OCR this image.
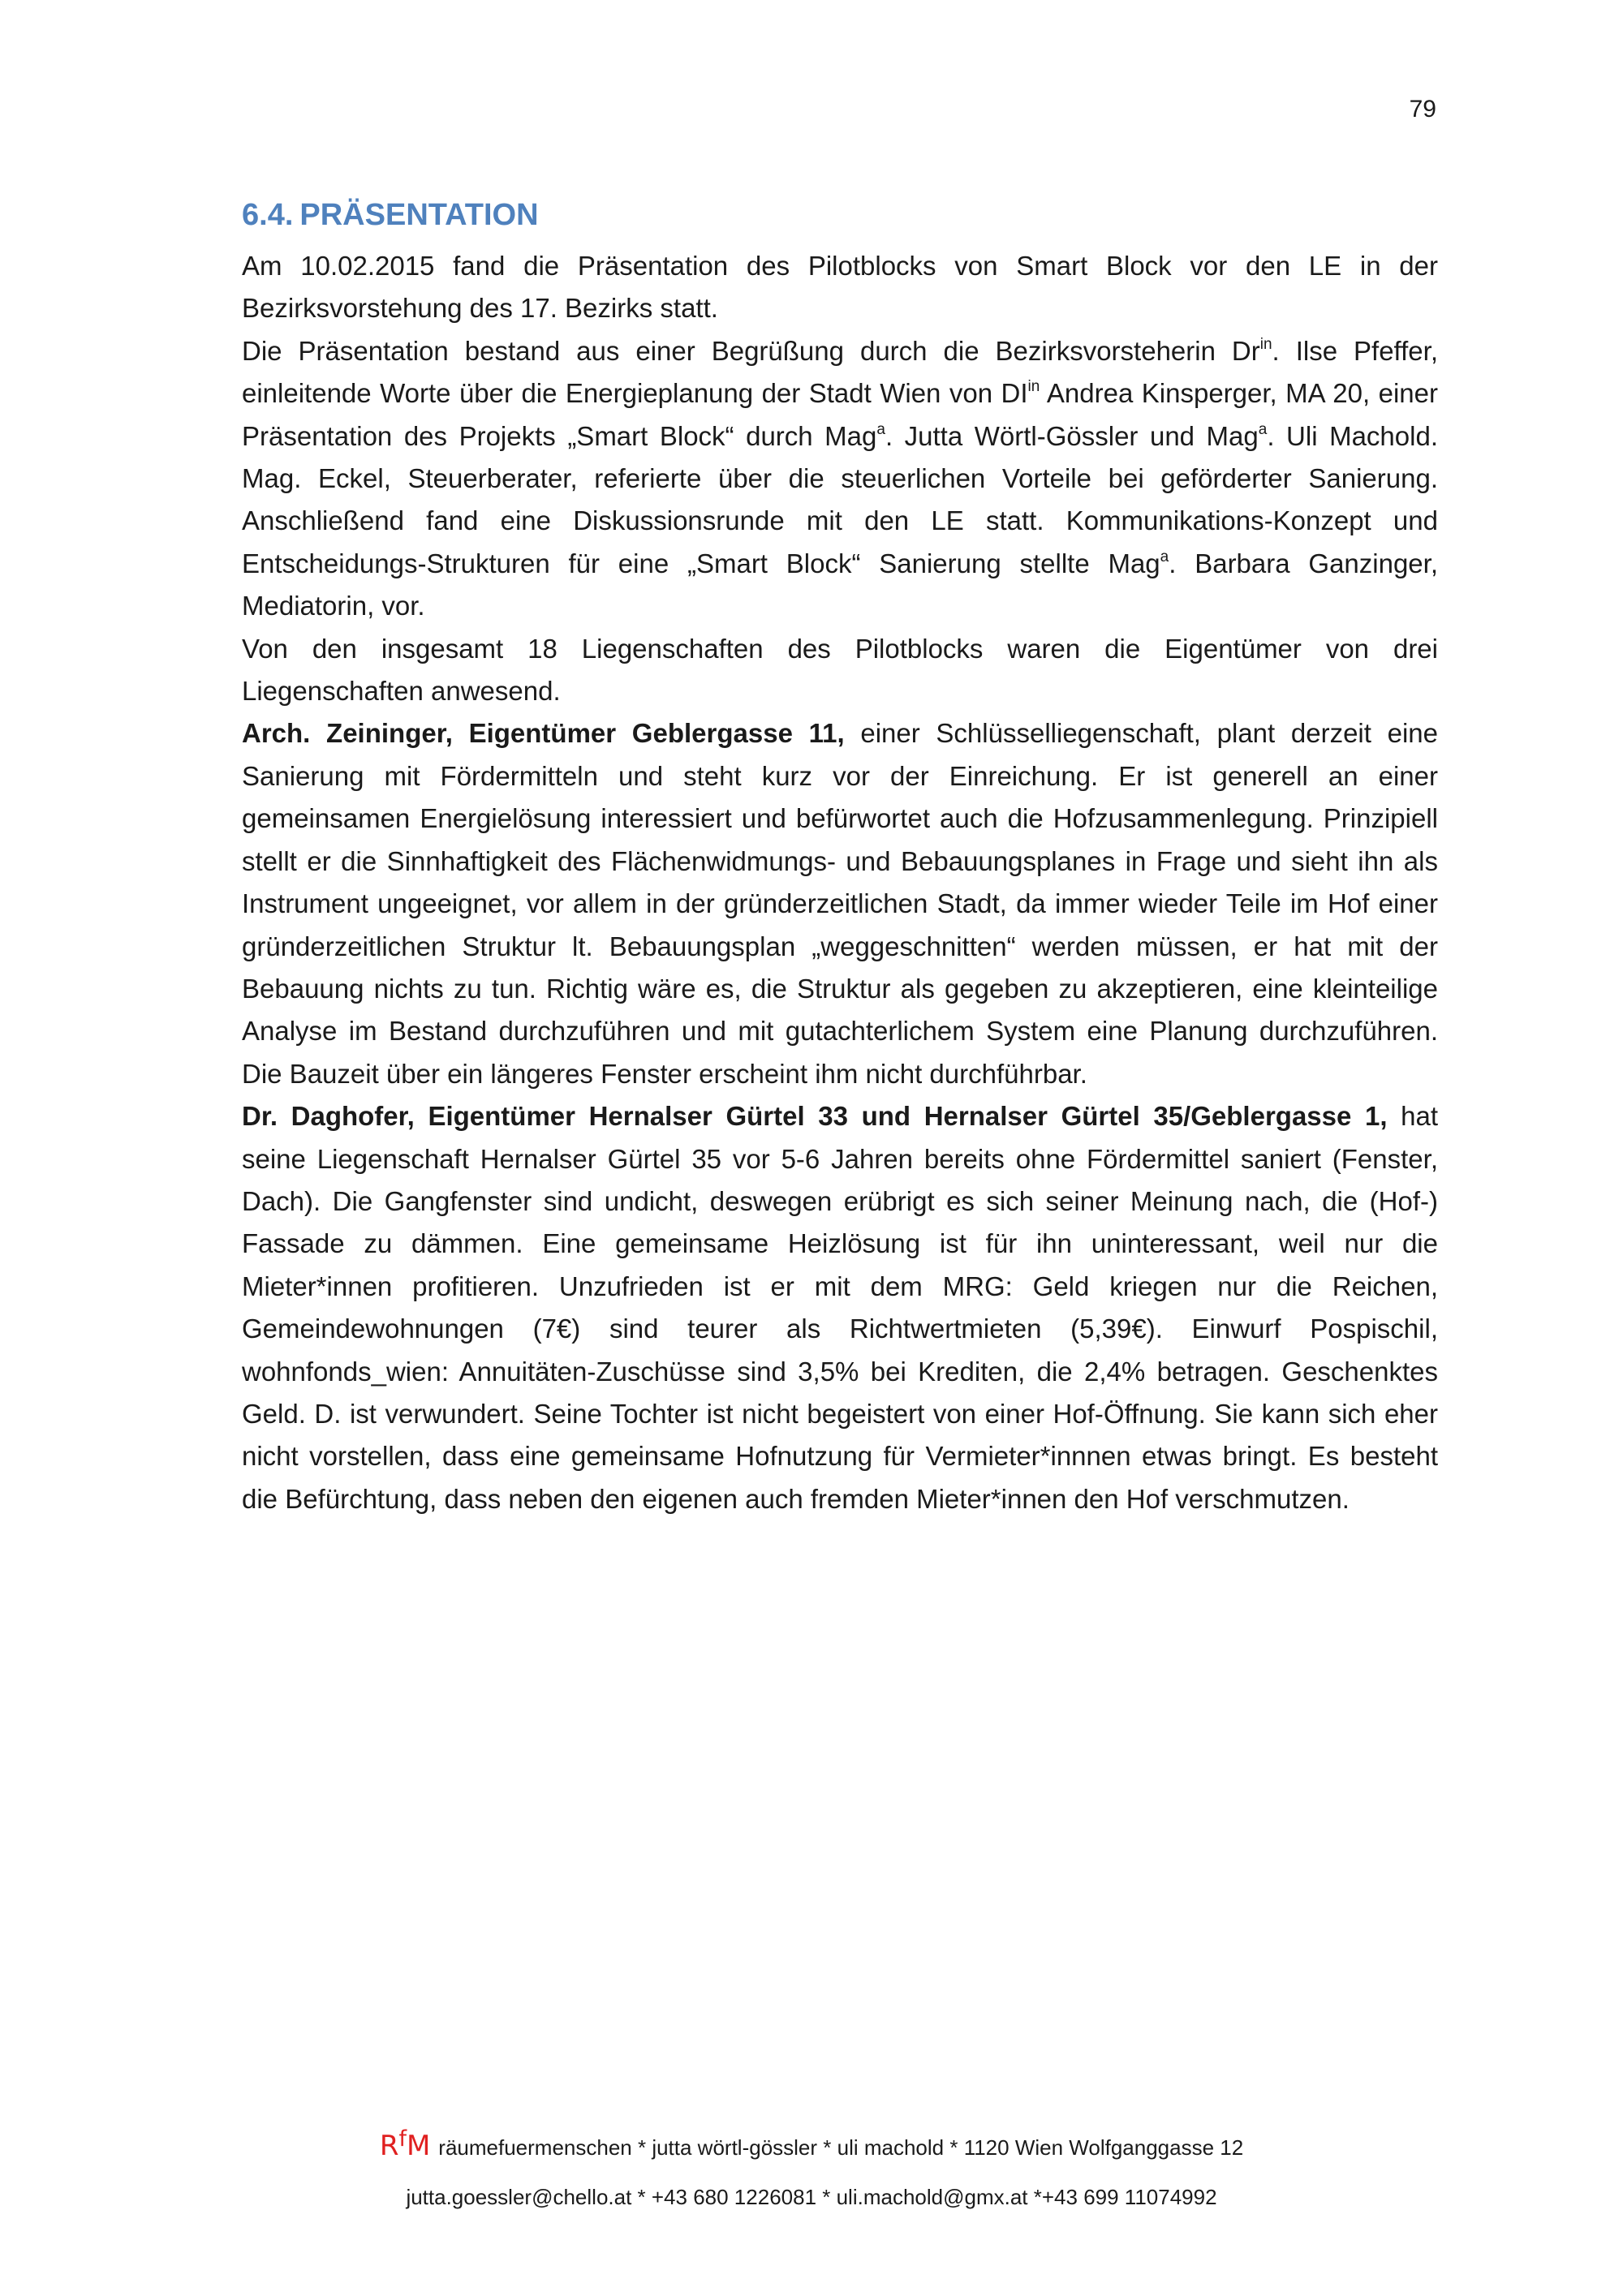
79
6.4. PRÄSENTATION

Am 10.02.2015 fand die Präsentation des Pilotblocks von Smart Block vor den LE in der Bezirksvorstehung des 17. Bezirks statt.

Die Präsentation bestand aus einer Begrüßung durch die Bezirksvorsteherin $Dr^{in}$. Ilse Pfeffer, einleitende Worte über die Energieplanung der Stadt Wien von $DI^{in}$ Andrea Kinsperger, MA 20, einer Präsentation des Projekts „Smart Block“ durch Mag$^a$. Jutta Wörtl-Gössler und Mag$^a$. Uli Machold. Mag. Eckel, Steuerberater, referierte über die steuerlichen Vorteile bei geförderter Sanierung. Anschließend fand eine Diskussionsrunde mit den LE statt. Kommunikations-Konzept und Entscheidungs-Strukturen für eine „Smart Block“ Sanierung stellte Mag$^a$. Barbara Ganzinger, Mediatorin, vor.

Von den insgesamt 18 Liegenschaften des Pilotblocks waren die Eigentümer von drei Liegenschaften anwesend.

Arch. Zeininger, Eigentümer Geblergasse 11, einer Schlüsselliegenschaft, plant derzeit eine Sanierung mit Fördermitteln und steht kurz vor der Einreichung. Er ist generell an einer gemeinsamen Energielösung interessiert und befürwortet auch die Hofzusammenlegung. Prinzipiell stellt er die Sinnhaftigkeit des Flächenwidmungs- und Bebauungsplanes in Frage und sieht ihn als Instrument ungeeignet, vor allem in der gründerzeitlichen Stadt, da immer wieder Teile im Hof einer gründerzeitlichen Struktur lt. Bebauungsplan „weggeschnitten“ werden müssen, er hat mit der Bebauung nichts zu tun. Richtig wäre es, die Struktur als gegeben zu akzeptieren, eine kleinteilige Analyse im Bestand durchzuführen und mit gutachterlichem System eine Planung durchzuführen. Die Bauzeit über ein längeres Fenster erscheint ihm nicht durchführbar.

Dr. Daghofer, Eigentümer Hernalser Gürtel 33 und Hernalser Gürtel 35/Geblergasse 1, hat seine Liegenschaft Hernalser Gürtel 35 vor 5-6 Jahren bereits ohne Fördermittel saniert (Fenster, Dach). Die Gangfenster sind undicht, deswegen erübrigt es sich seiner Meinung nach, die (Hof-) Fassade zu dämmen. Eine gemeinsame Heizlösung ist für ihn uninteressant, weil nur die Mieter*innen profitieren. Unzufrieden ist er mit dem MRG: Geld kriegen nur die Reichen, Gemeindewohnungen (7€) sind teurer als Richtwertmieten (5,39€). Einwurf Pospischil, wohnfonds_wien: Annuitäten-Zuschüsse sind 3,5% bei Krediten, die 2,4% betragen. Geschenktes Geld. D. ist verwundert. Seine Tochter ist nicht begeistert von einer Hof-Öffnung. Sie kann sich eher nicht vorstellen, dass eine gemeinsame Hofnutzung für Vermieter*innnen etwas bringt. Es besteht die Befürchtung, dass neben den eigenen auch fremden Mieter*innen den Hof verschmutzen.

RfM räumefuermenschen * jutta wörtl-gössler * uli machold * 1120 Wien Wolfganggasse 12
jutta.goessler@chello.at * +43 680 1226081 * uli.machold@gmx.at *+43 699 11074992
